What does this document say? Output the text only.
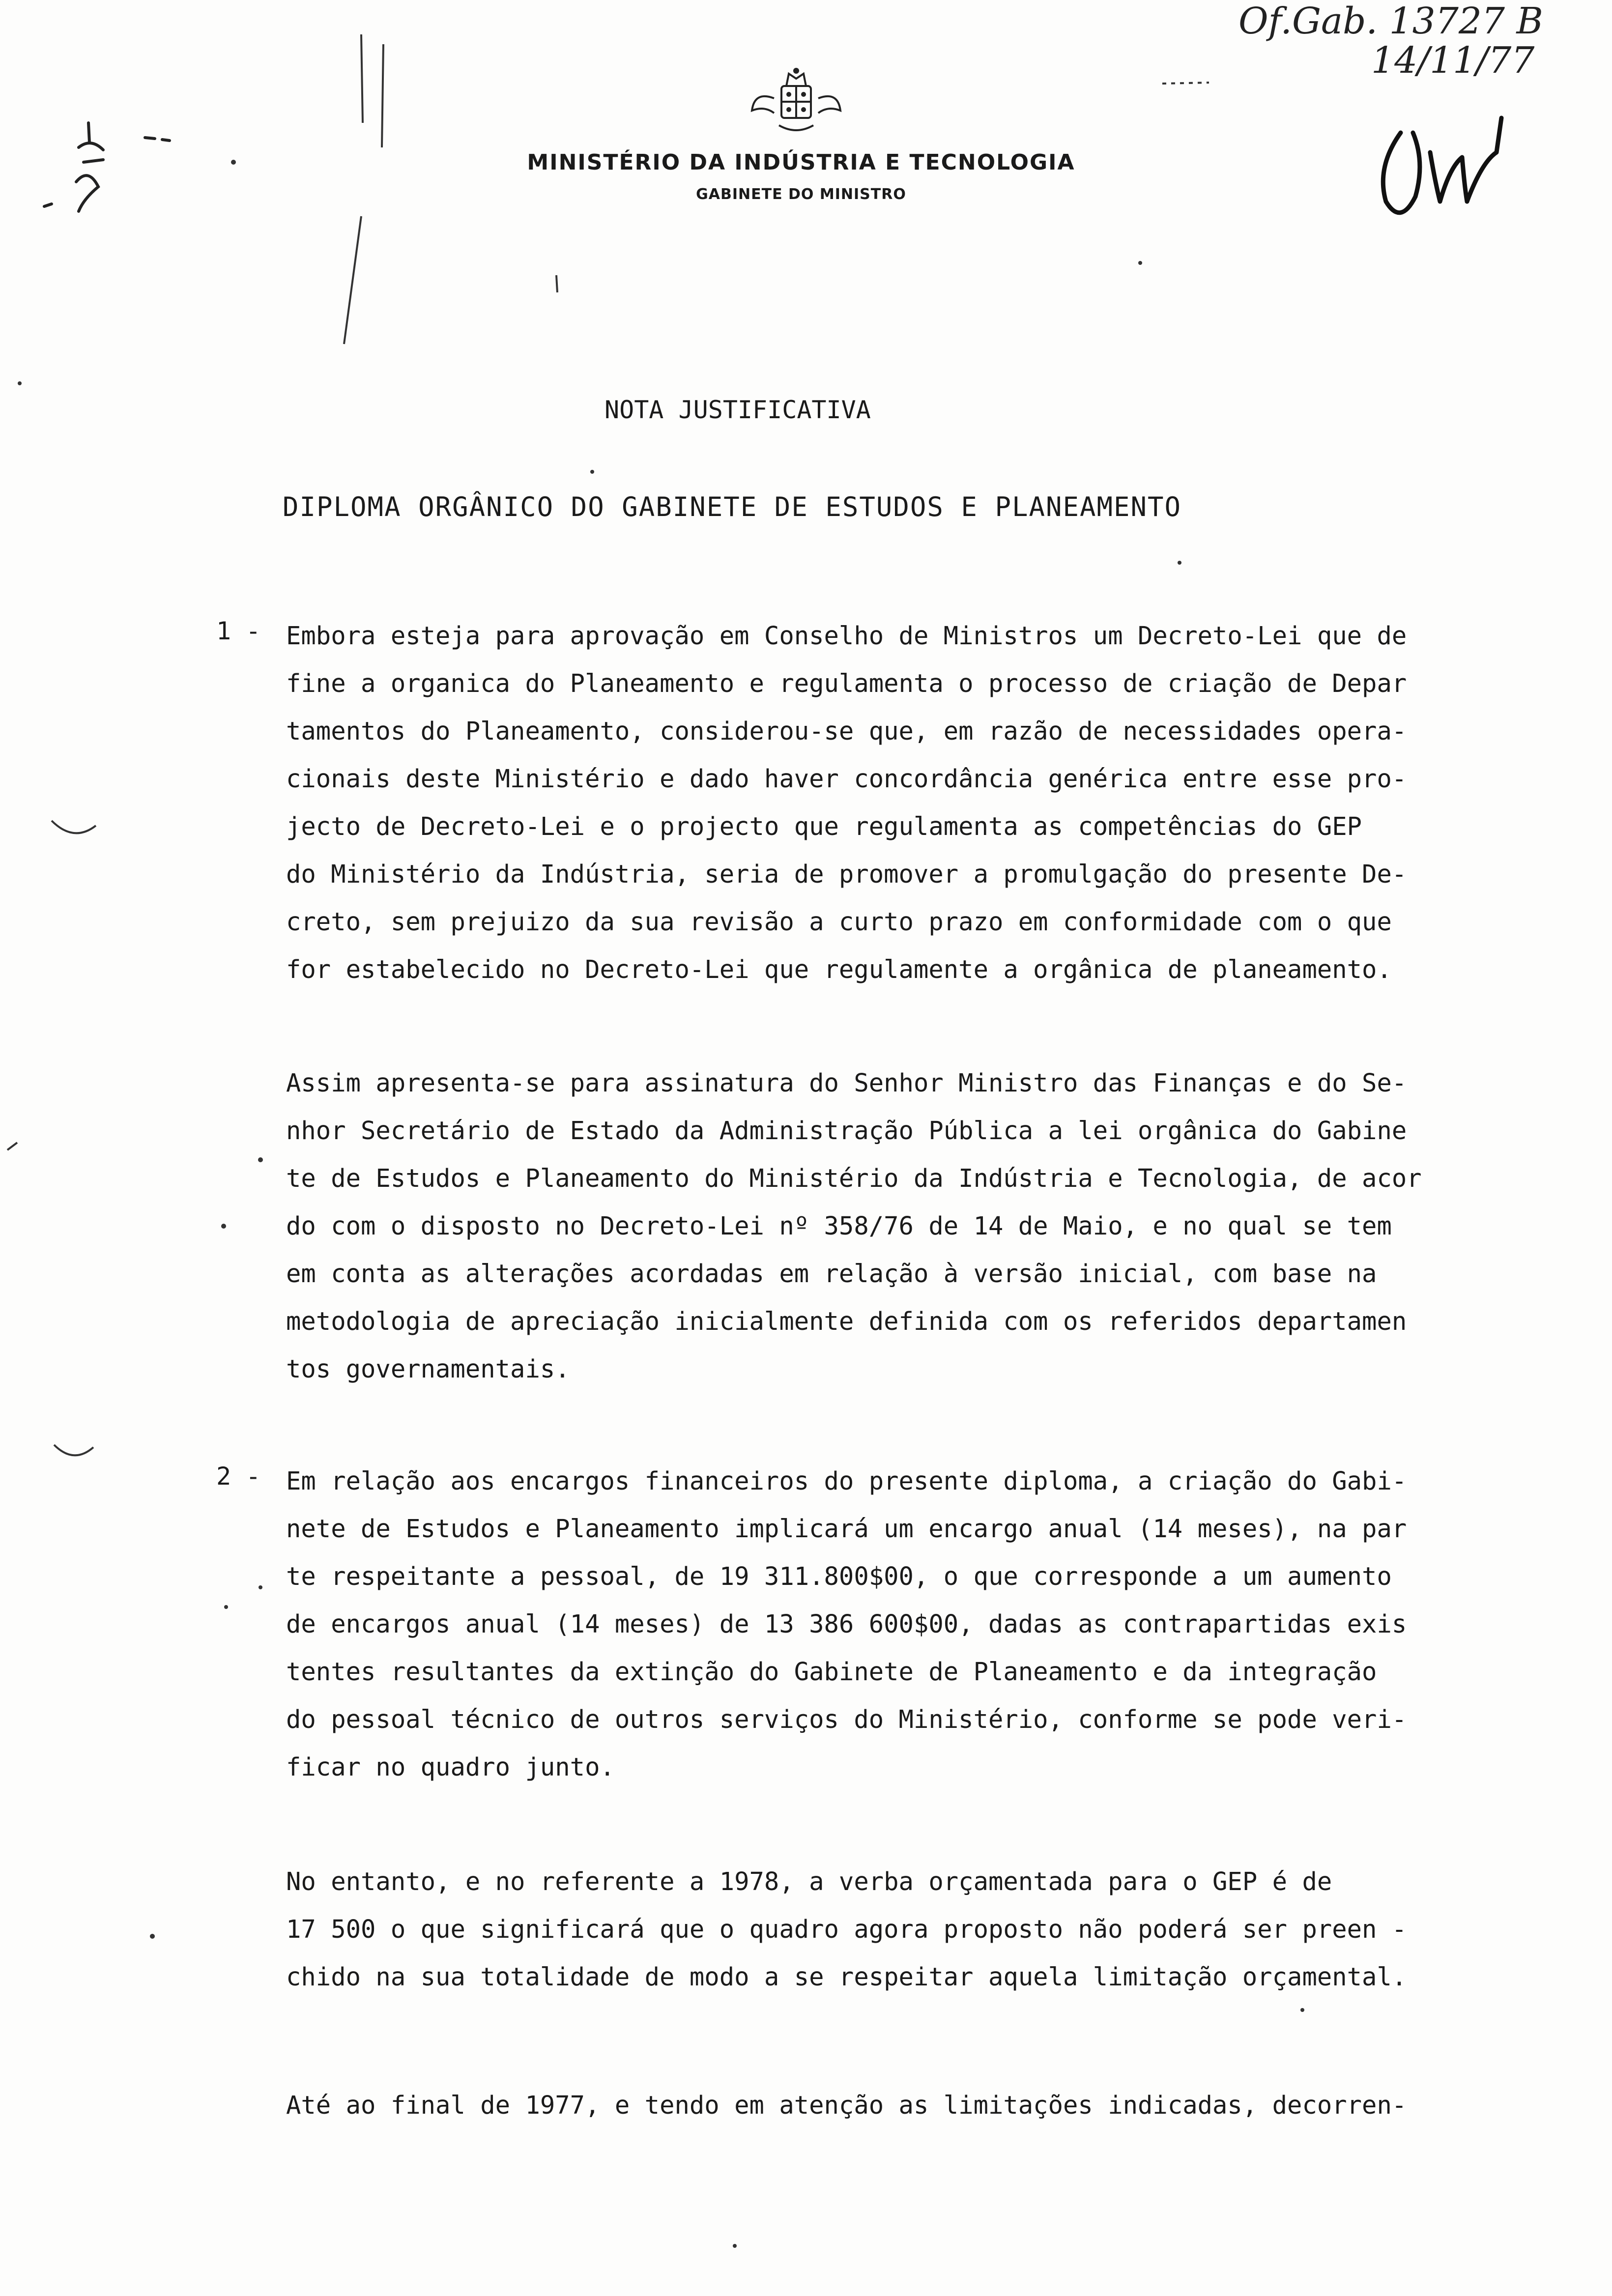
MINISTÉRIO DA INDÚSTRIA E TECNOLOGIA
GABINETE DO MINISTRO
Of.Gab. 13727 B
14/11/77
NOTA JUSTIFICATIVA
DIPLOMA ORGÂNICO DO GABINETE DE ESTUDOS E PLANEAMENTO
1 - Embora esteja para aprovação em Conselho de Ministros um Decreto-Lei que de
fine a organica do Planeamento e regulamenta o processo de criação de Depar
tamentos do Planeamento, considerou-se que, em razão de necessidades opera-
cionais deste Ministério e dado haver concordância genérica entre esse pro-
jecto de Decreto-Lei e o projecto que regulamenta as competências do GEP
do Ministério da Indústria, seria de promover a promulgação do presente De-
creto, sem prejuizo da sua revisão a curto prazo em conformidade com o que
for estabelecido no Decreto-Lei que regulamente a orgânica de planeamento.
Assim apresenta-se para assinatura do Senhor Ministro das Finanças e do Se-
nhor Secretário de Estado da Administração Pública a lei orgânica do Gabine
te de Estudos e Planeamento do Ministério da Indústria e Tecnologia, de acor
do com o disposto no Decreto-Lei nº 358/76 de 14 de Maio, e no qual se tem
em conta as alterações acordadas em relação à versão inicial, com base na
metodologia de apreciação inicialmente definida com os referidos departamen
tos governamentais.
2 - Em relação aos encargos financeiros do presente diploma, a criação do Gabi-
nete de Estudos e Planeamento implicará um encargo anual (14 meses), na par
te respeitante a pessoal, de 19 311.800$00, o que corresponde a um aumento
de encargos anual (14 meses) de 13 386 600$00, dadas as contrapartidas exis
tentes resultantes da extinção do Gabinete de Planeamento e da integração
do pessoal técnico de outros serviços do Ministério, conforme se pode veri-
ficar no quadro junto.
No entanto, e no referente a 1978, a verba orçamentada para o GEP é de
17 500 o que significará que o quadro agora proposto não poderá ser preen -
chido na sua totalidade de modo a se respeitar aquela limitação orçamental.
Até ao final de 1977, e tendo em atenção as limitações indicadas, decorren-
